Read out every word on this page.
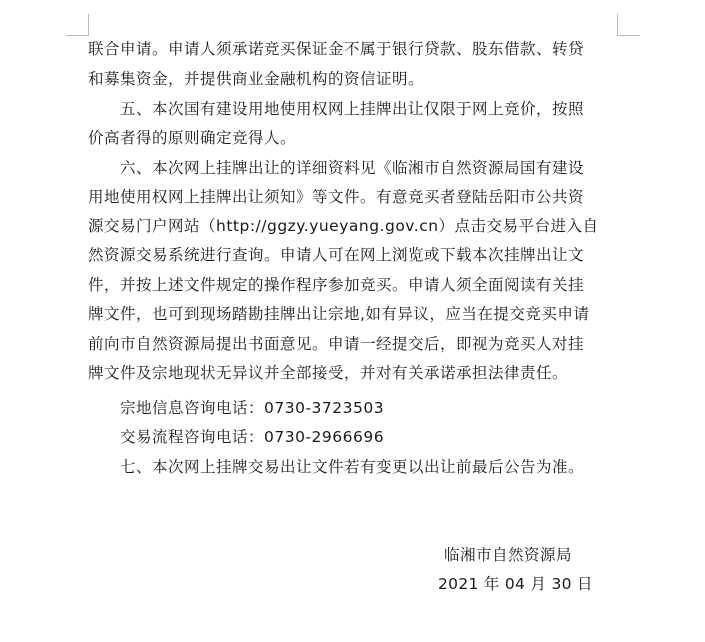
联合申请。申请人须承诺竞买保证金不属于银行贷款、股东借款、转贷
和募集资金，并提供商业金融机构的资信证明。
五、本次国有建设用地使用权网上挂牌出让仅限于网上竞价，按照
价高者得的原则确定竞得人。
六、本次网上挂牌出让的详细资料见《临湘市自然资源局国有建设
用地使用权网上挂牌出让须知》等文件。有意竞买者登陆岳阳市公共资
源交易门户网站（http://ggzy.yueyang.gov.cn）点击交易平台进入自
然资源交易系统进行查询。申请人可在网上浏览或下载本次挂牌出让文
件，并按上述文件规定的操作程序参加竞买。申请人须全面阅读有关挂
牌文件，也可到现场踏勘挂牌出让宗地,如有异议，应当在提交竞买申请
前向市自然资源局提出书面意见。申请一经提交后，即视为竞买人对挂
牌文件及宗地现状无异议并全部接受，并对有关承诺承担法律责任。
宗地信息咨询电话：0730-3723503
交易流程咨询电话：0730-2966696
七、本次网上挂牌交易出让文件若有变更以出让前最后公告为准。
临湘市自然资源局
2021 年 04 月 30 日
